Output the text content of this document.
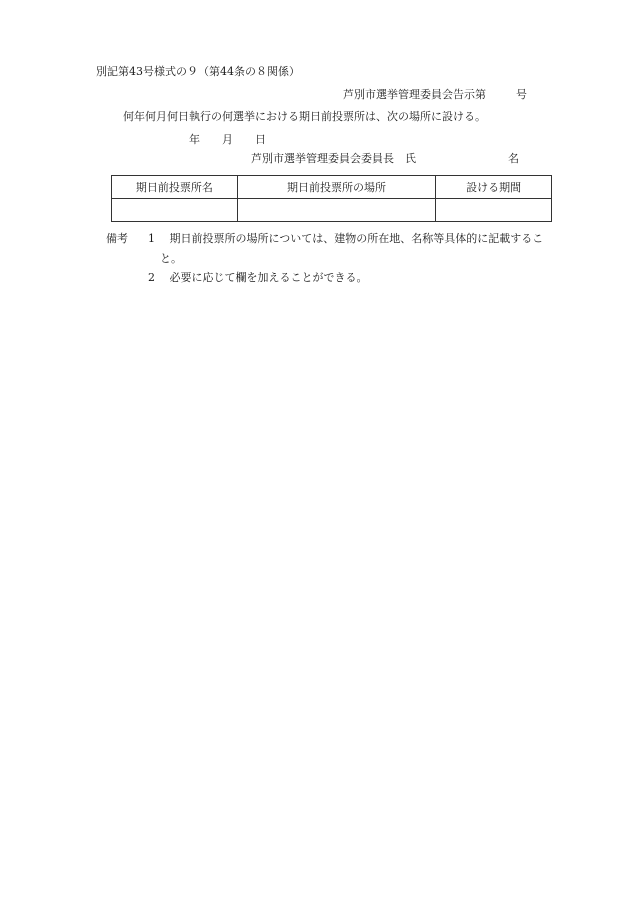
別記第43号様式の９（第44条の８関係）
芦別市選挙管理委員会告示第	号
何年何月何日執行の何選挙における期日前投票所は、次の場所に設ける。
年 月 日
芦別市選挙管理委員会委員長 氏	名
期日前投票所名	期日前投票所の場所	設ける期間

備考 1　 期日前投票所の場所については、建物の所在地、名称等具体的に記載するこ
と。
2　 必要に応じて欄を加えることができる。
